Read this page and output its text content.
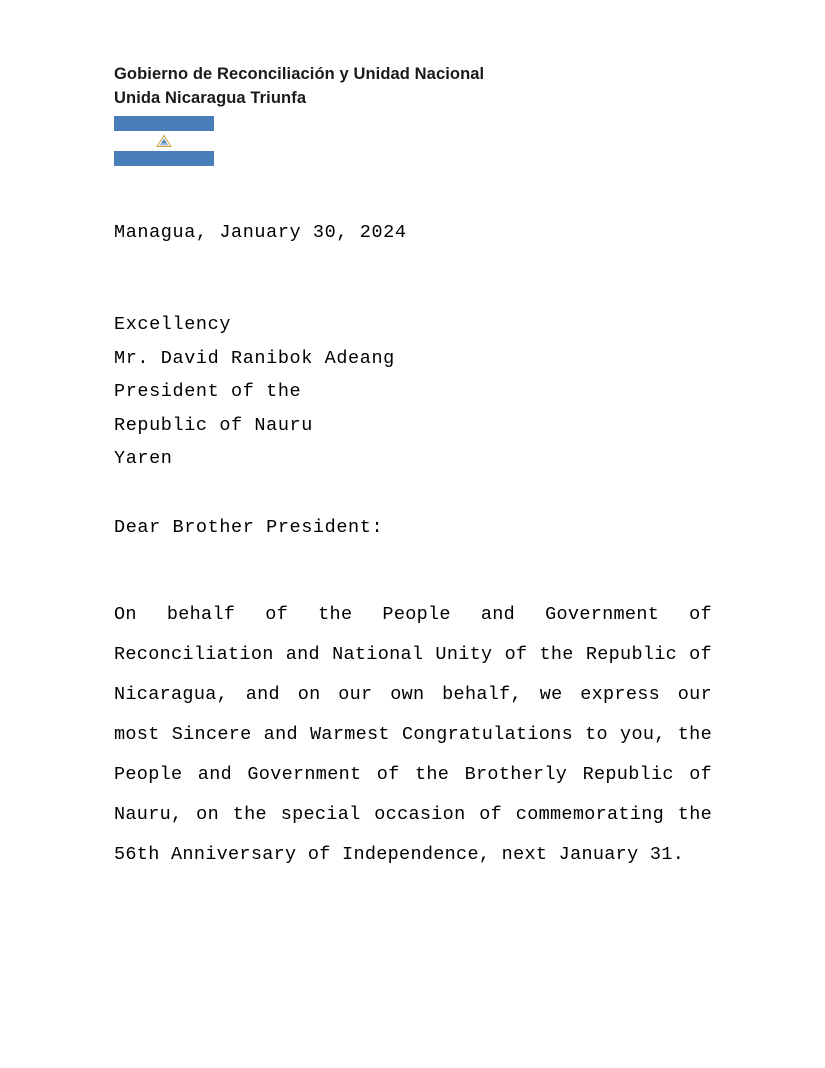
Gobierno de Reconciliación y Unidad Nacional
Unida Nicaragua Triunfa
Managua, January 30, 2024
Excellency
Mr. David Ranibok Adeang
President of the
Republic of Nauru
Yaren
Dear Brother President:
On behalf of the People and Government of Reconciliation and National Unity of the Republic of Nicaragua, and on our own behalf, we express our most Sincere and Warmest Congratulations to you, the People and Government of the Brotherly Republic of Nauru, on the special occasion of commemorating the 56th Anniversary of Independence, next January 31.
